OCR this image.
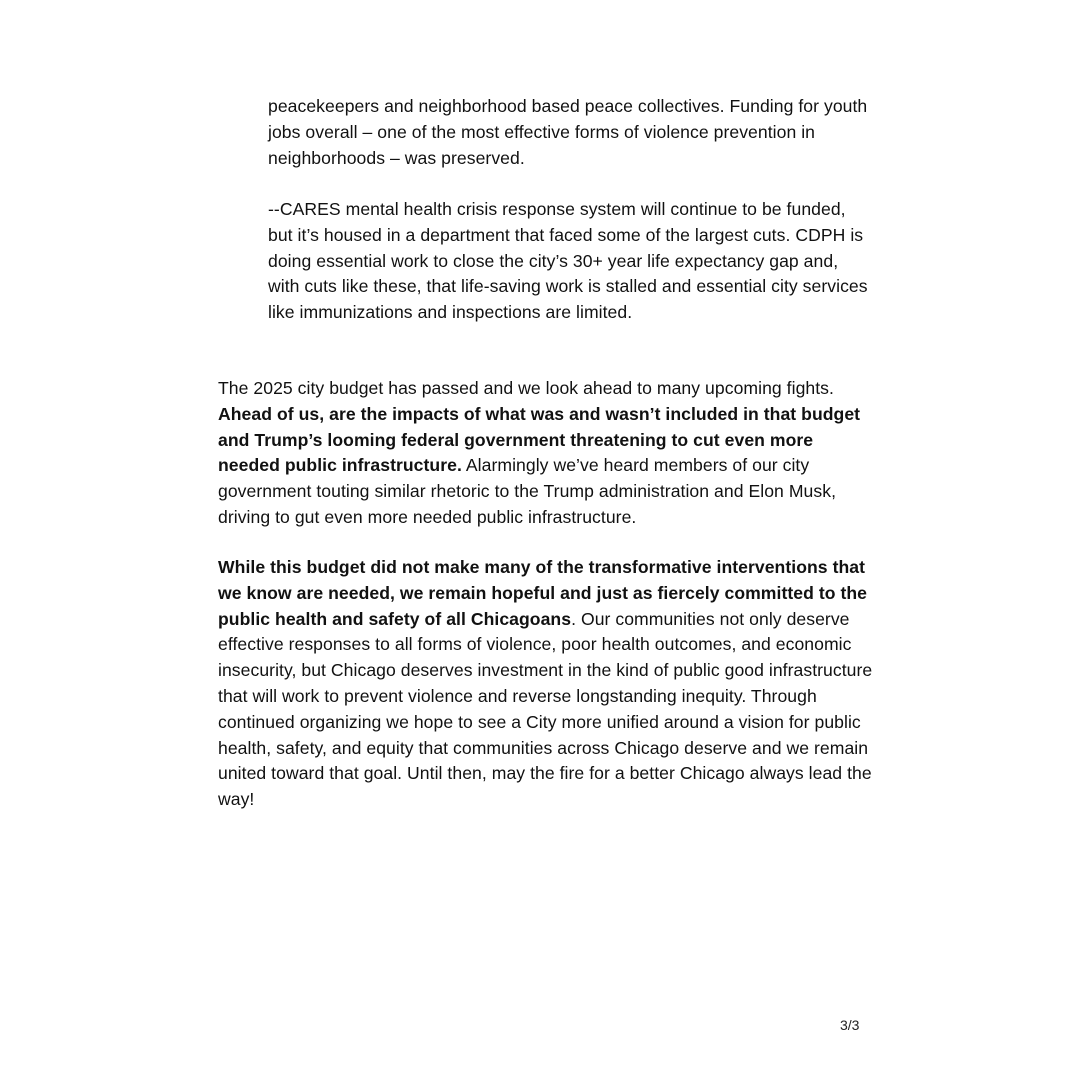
peacekeepers and neighborhood based peace collectives. Funding for youth jobs overall – one of the most effective forms of violence prevention in neighborhoods – was preserved.

--CARES mental health crisis response system will continue to be funded, but it’s housed in a department that faced some of the largest cuts. CDPH is doing essential work to close the city’s 30+ year life expectancy gap and, with cuts like these, that life-saving work is stalled and essential city services like immunizations and inspections are limited.

The 2025 city budget has passed and we look ahead to many upcoming fights. Ahead of us, are the impacts of what was and wasn’t included in that budget and Trump’s looming federal government threatening to cut even more needed public infrastructure. Alarmingly we’ve heard members of our city government touting similar rhetoric to the Trump administration and Elon Musk, driving to gut even more needed public infrastructure.

While this budget did not make many of the transformative interventions that we know are needed, we remain hopeful and just as fiercely committed to the public health and safety of all Chicagoans. Our communities not only deserve effective responses to all forms of violence, poor health outcomes, and economic insecurity, but Chicago deserves investment in the kind of public good infrastructure that will work to prevent violence and reverse longstanding inequity. Through continued organizing we hope to see a City more unified around a vision for public health, safety, and equity that communities across Chicago deserve and we remain united toward that goal. Until then, may the fire for a better Chicago always lead the way!

3/3
